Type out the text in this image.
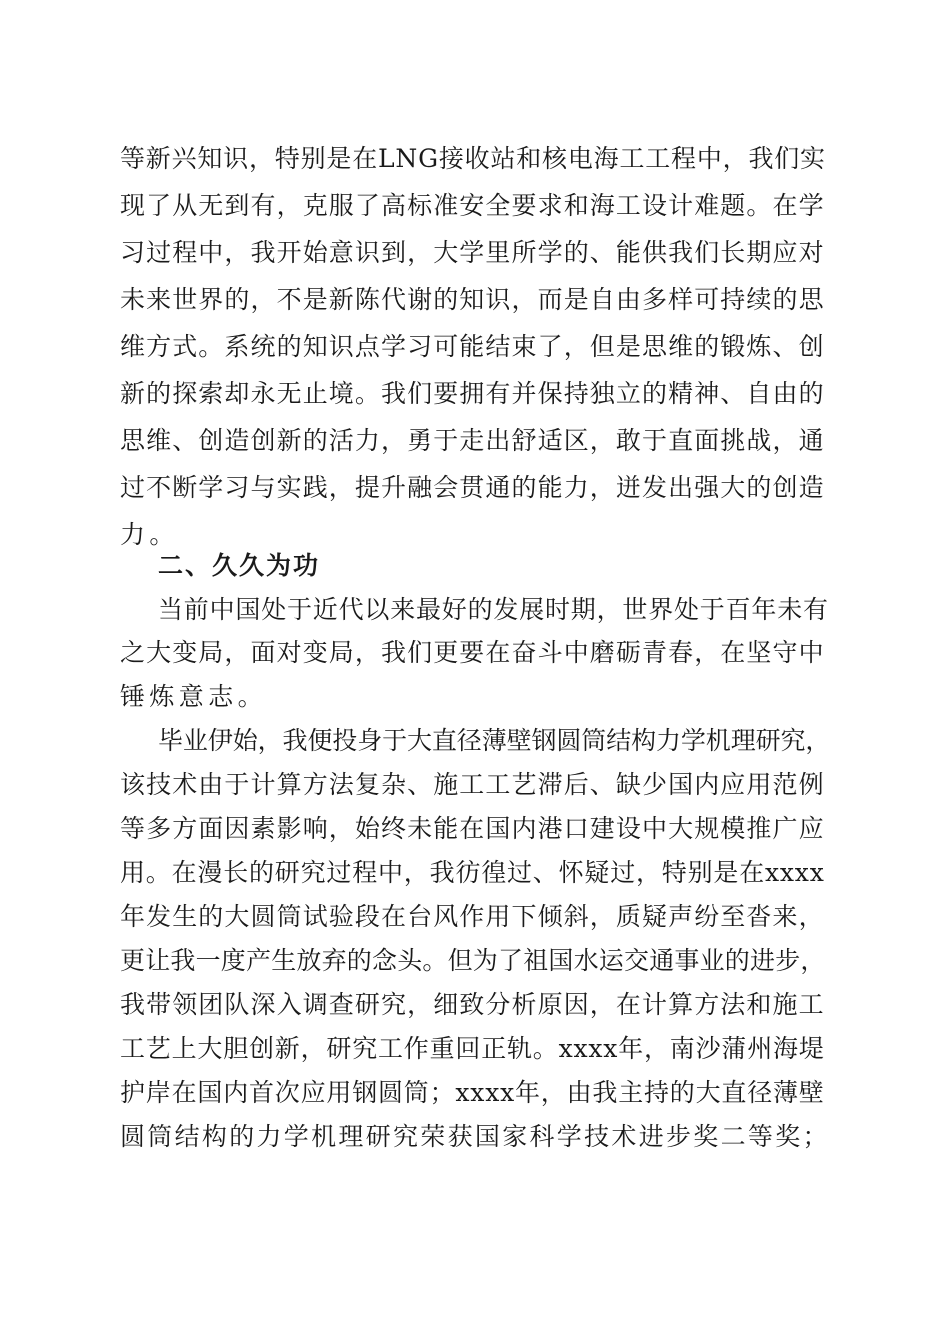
等新兴知识，特别是在LNG接收站和核电海工工程中，我们实
现了从无到有，克服了高标准安全要求和海工设计难题。在学
习过程中，我开始意识到，大学里所学的、能供我们长期应对
未来世界的，不是新陈代谢的知识，而是自由多样可持续的思
维方式。系统的知识点学习可能结束了，但是思维的锻炼、创
新的探索却永无止境。我们要拥有并保持独立的精神、自由的
思维、创造创新的活力，勇于走出舒适区，敢于直面挑战，通
过不断学习与实践，提升融会贯通的能力，迸发出强大的创造
力。
二、久久为功
当前中国处于近代以来最好的发展时期，世界处于百年未有
之大变局，面对变局，我们更要在奋斗中磨砺青春，在坚守中
锤炼意志。
毕业伊始，我便投身于大直径薄壁钢圆筒结构力学机理研究，
该技术由于计算方法复杂、施工工艺滞后、缺少国内应用范例
等多方面因素影响，始终未能在国内港口建设中大规模推广应
用。在漫长的研究过程中，我彷徨过、怀疑过，特别是在xxxx
年发生的大圆筒试验段在台风作用下倾斜，质疑声纷至沓来，
更让我一度产生放弃的念头。但为了祖国水运交通事业的进步，
我带领团队深入调查研究，细致分析原因，在计算方法和施工
工艺上大胆创新，研究工作重回正轨。xxxx年，南沙蒲州海堤
护岸在国内首次应用钢圆筒；xxxx年，由我主持的大直径薄壁
圆筒结构的力学机理研究荣获国家科学技术进步奖二等奖；
